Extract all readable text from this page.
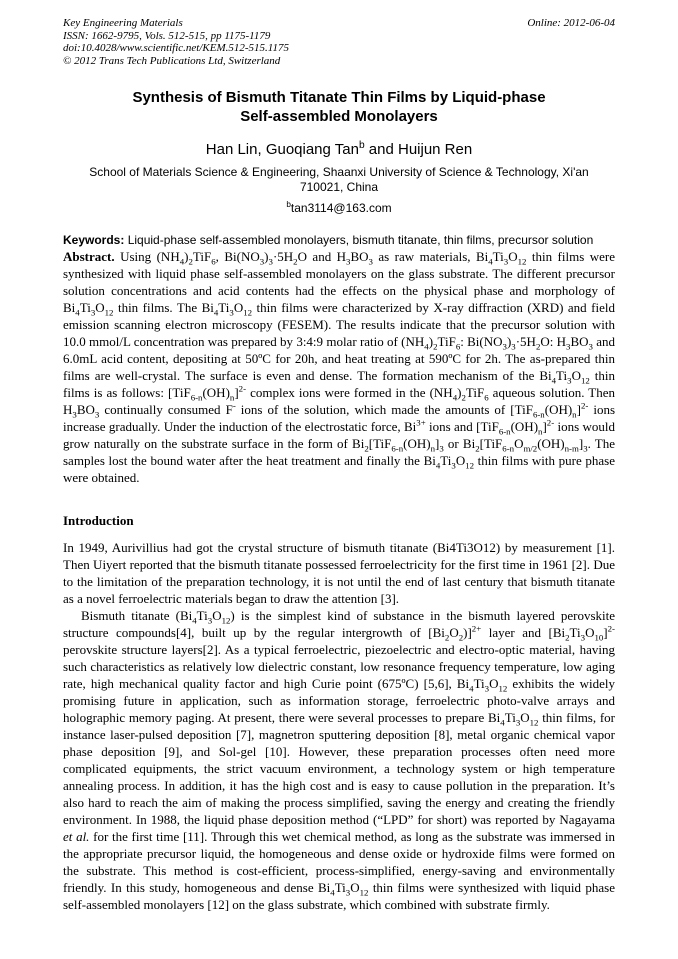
Key Engineering Materials
ISSN: 1662-9795, Vols. 512-515, pp 1175-1179
doi:10.4028/www.scientific.net/KEM.512-515.1175
© 2012 Trans Tech Publications Ltd, Switzerland
Online: 2012-06-04
Synthesis of Bismuth Titanate Thin Films by Liquid-phase
Self-assembled Monolayers
Han Lin, Guoqiang Tan$^b$ and Huijun Ren
School of Materials Science & Engineering, Shaanxi University of Science & Technology, Xi'an
710021, China
$^b$tan3114@163.com
Keywords: Liquid-phase self-assembled monolayers, bismuth titanate, thin films, precursor solution

Abstract. Using $(NH_4)_2TiF_6$, $Bi(NO_3)_3\cdot 5H_2O$ and $H_3BO_3$ as raw materials, $Bi_4Ti_3O_{12}$ thin films were synthesized with liquid phase self-assembled monolayers on the glass substrate. The different precursor solution concentrations and acid contents had the effects on the physical phase and morphology of $Bi_4Ti_3O_{12}$ thin films. The $Bi_4Ti_3O_{12}$ thin films were characterized by X-ray diffraction (XRD) and field emission scanning electron microscopy (FESEM). The results indicate that the precursor solution with 10.0 mmol/L concentration was prepared by 3:4:9 molar ratio of $(NH_4)_2TiF_6$: $Bi(NO_3)_3\cdot 5H_2O$: $H_3BO_3$ and 6.0mL acid content, depositing at 50ºC for 20h, and heat treating at 590ºC for 2h. The as-prepared thin films are well-crystal. The surface is even and dense. The formation mechanism of the $Bi_4Ti_3O_{12}$ thin films is as follows: $[TiF_{6-n}(OH)_n]^{2-}$ complex ions were formed in the $(NH_4)_2TiF_6$ aqueous solution. Then $H_3BO_3$ continually consumed F- ions of the solution, which made the amounts of $[TiF_{6-n}(OH)_n]^{2-}$ ions increase gradually. Under the induction of the electrostatic force, $Bi^{3+}$ ions and $[TiF_{6-n}(OH)_n]^{2-}$ ions would grow naturally on the substrate surface in the form of $Bi_2[TiF_{6-n}(OH)_n]_3$ or $Bi_2[TiF_{6-n}O_{m/2}(OH)_{n-m}]_3$. The samples lost the bound water after the heat treatment and finally the $Bi_4Ti_3O_{12}$ thin films with pure phase were obtained.

Introduction

In 1949, Aurivillius had got the crystal structure of bismuth titanate (Bi4Ti3O12) by measurement [1]. Then Uiyert reported that the bismuth titanate possessed ferroelectricity for the first time in 1961 [2]. Due to the limitation of the preparation technology, it is not until the end of last century that bismuth titanate as a novel ferroelectric materials began to draw the attention [3].

Bismuth titanate $(Bi_4Ti_3O_{12})$ is the simplest kind of substance in the bismuth layered perovskite structure compounds[4], built up by the regular intergrowth of $[Bi_2O_2)]^{2+}$ layer and $[Bi_2Ti_3O_{10}]^{2-}$ perovskite structure layers[2]. As a typical ferroelectric, piezoelectric and electro-optic material, having such characteristics as relatively low dielectric constant, low resonance frequency temperature, low aging rate, high mechanical quality factor and high Curie point (675ºC) [5,6], $Bi_4Ti_3O_{12}$ exhibits the widely promising future in application, such as information storage, ferroelectric photo-valve arrays and holographic memory paging. At present, there were several processes to prepare $Bi_4Ti_3O_{12}$ thin films, for instance laser-pulsed deposition [7], magnetron sputtering deposition [8], metal organic chemical vapor phase deposition [9], and Sol-gel [10]. However, these preparation processes often need more complicated equipments, the strict vacuum environment, a technology system or high temperature annealing process. In addition, it has the high cost and is easy to cause pollution in the preparation. It’s also hard to reach the aim of making the process simplified, saving the energy and creating the friendly environment. In 1988, the liquid phase deposition method (“LPD” for short) was reported by Nagayama et al. for the first time [11]. Through this wet chemical method, as long as the substrate was immersed in the appropriate precursor liquid, the homogeneous and dense oxide or hydroxide films were formed on the substrate. This method is cost-efficient, process-simplified, energy-saving and environmentally friendly. In this study, homogeneous and dense $Bi_4Ti_3O_{12}$ thin films were synthesized with liquid phase self-assembled monolayers [12] on the glass substrate, which combined with substrate firmly.
